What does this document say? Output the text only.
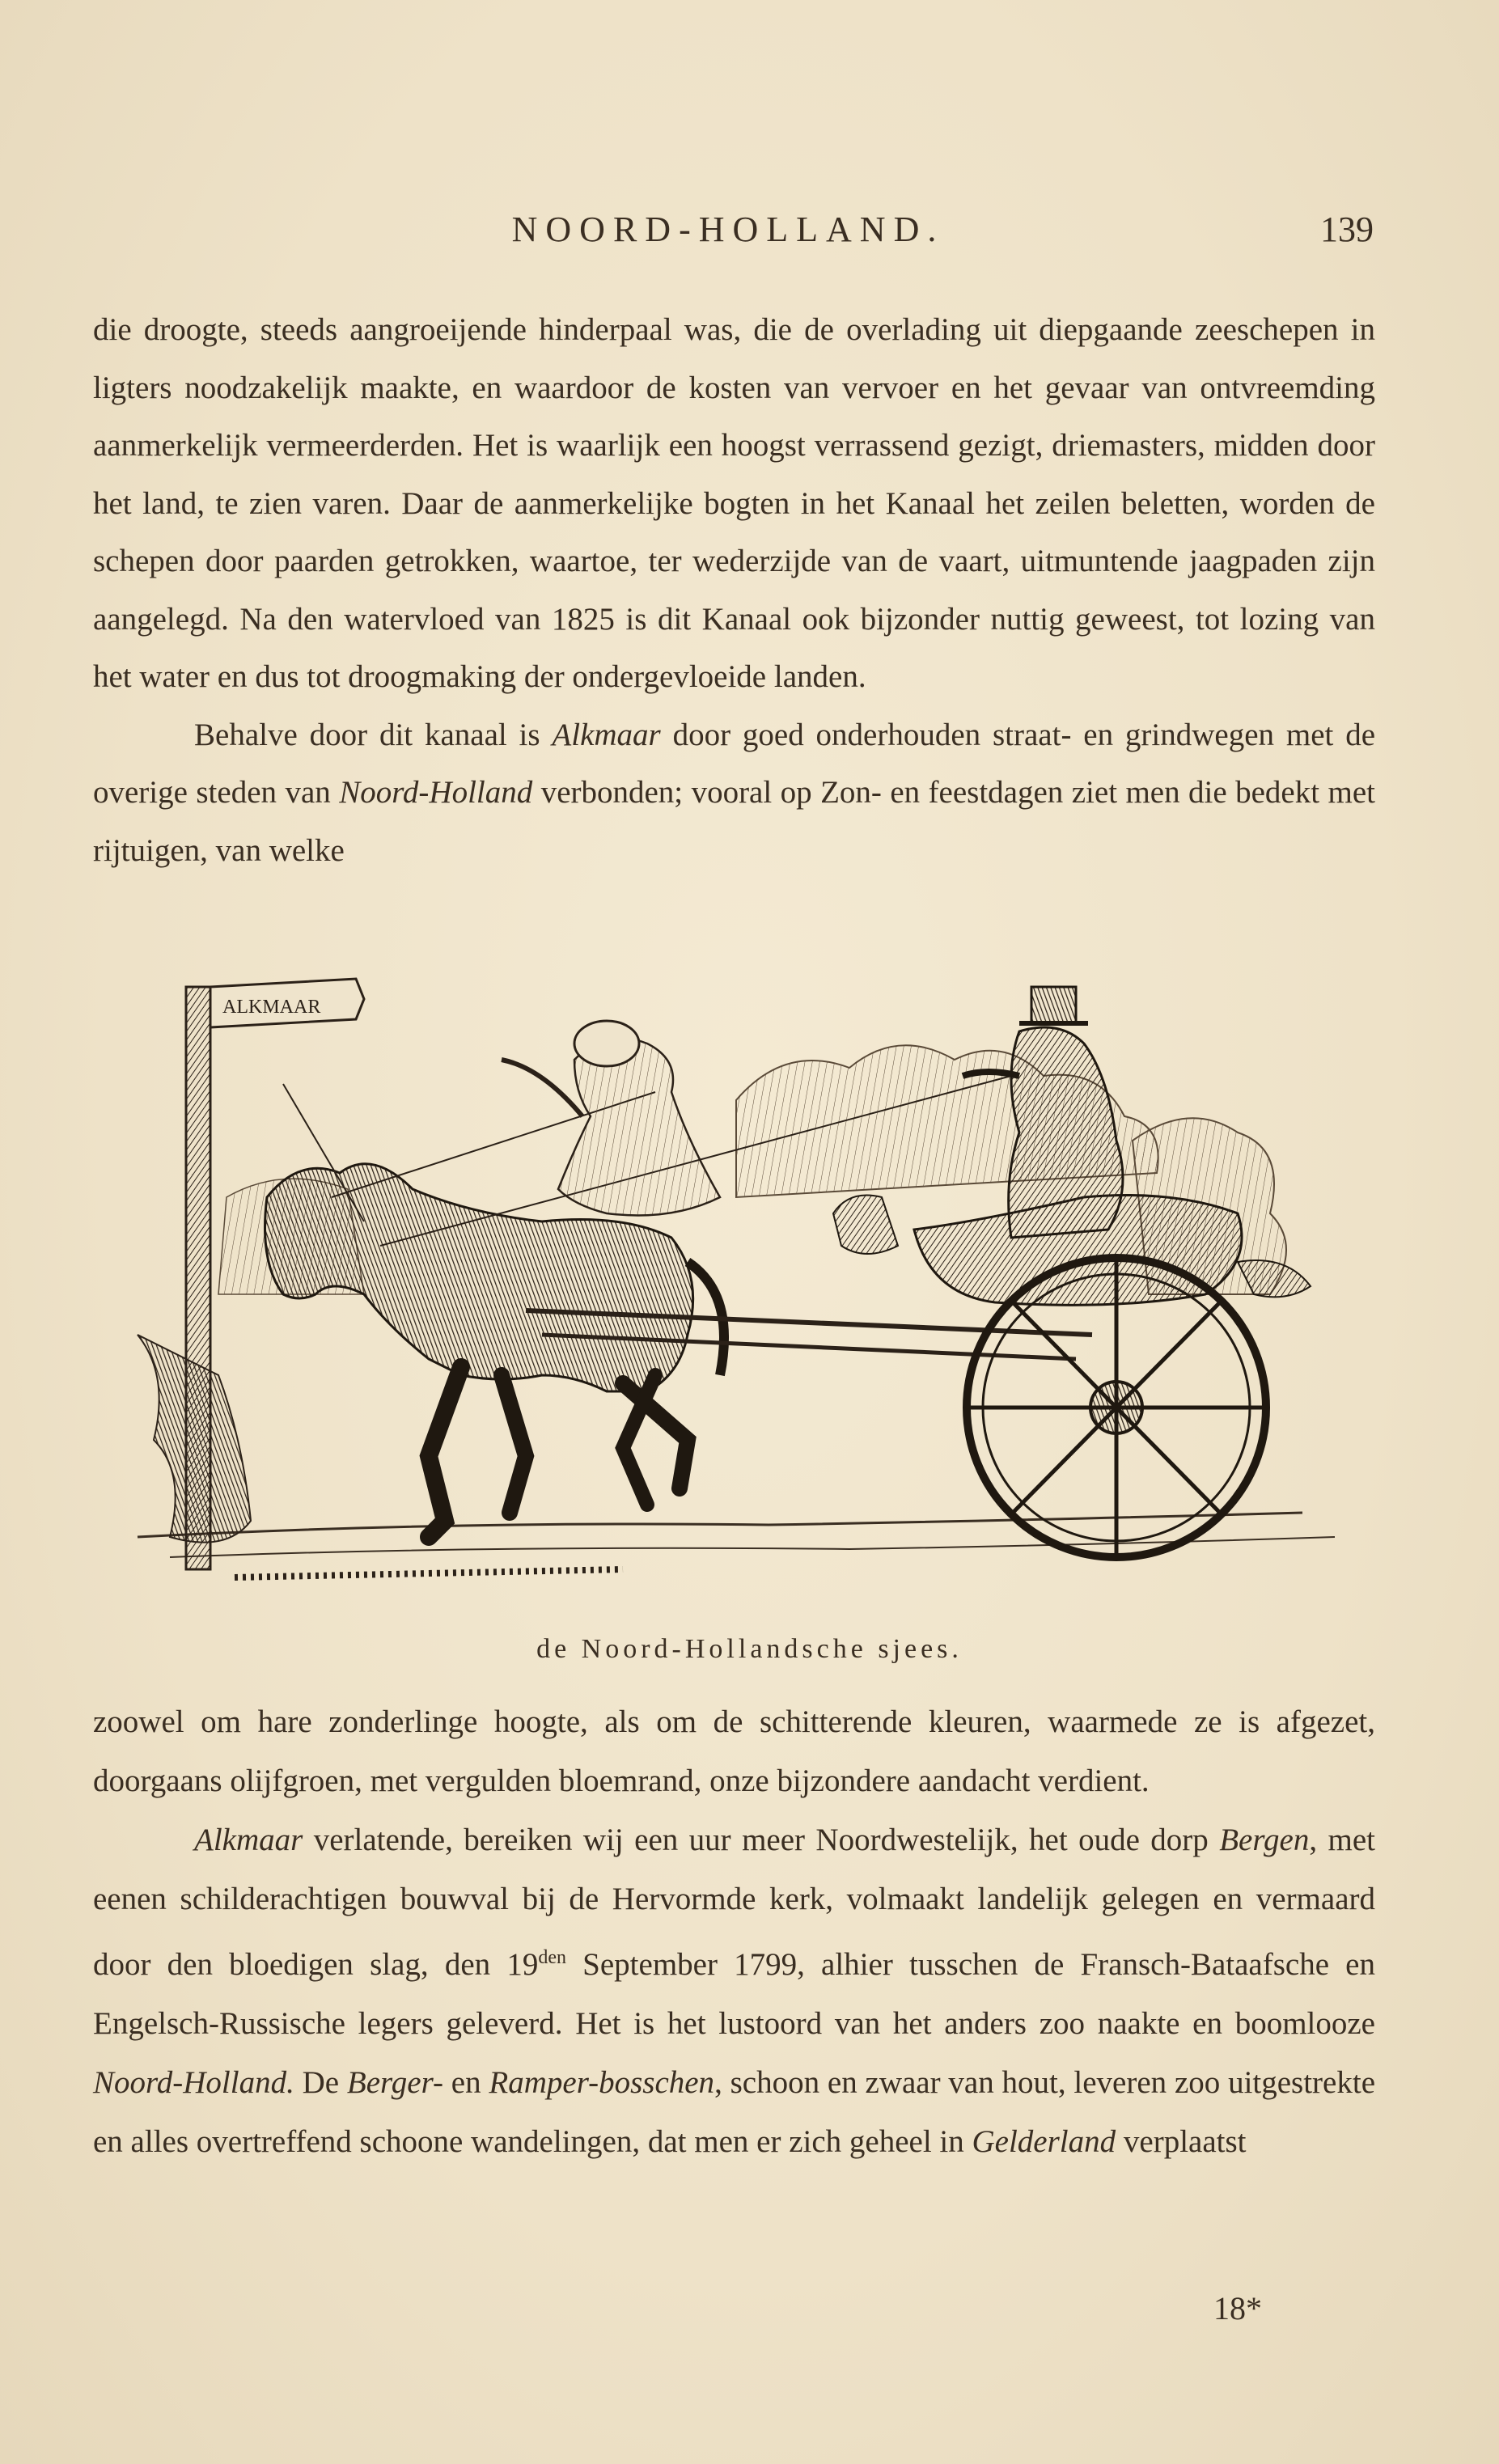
NOORD-HOLLAND.	139

die droogte, steeds aangroeijende hinderpaal was, die de overlading uit diepgaande zeeschepen in ligters noodzakelijk maakte, en waardoor de kosten van vervoer en het gevaar van ontvreemding aanmerkelijk vermeerderden. Het is waarlijk een hoogst verrassend gezigt, driemasters, midden door het land, te zien varen. Daar de aanmerkelijke bogten in het Kanaal het zeilen beletten, worden de schepen door paarden getrokken, waartoe, ter wederzijde van de vaart, uitmuntende jaagpaden zijn aangelegd. Na den watervloed van 1825 is dit Kanaal ook bijzonder nuttig geweest, tot lozing van het water en dus tot droogmaking der ondergevloeide landen.

Behalve door dit kanaal is Alkmaar door goed onderhouden straat- en grindwegen met de overige steden van Noord-Holland verbonden; vooral op Zon- en feestdagen ziet men die bedekt met rijtuigen, van welke

ALKMAAR
de Noord-Hollandsche sjees.

zoowel om hare zonderlinge hoogte, als om de schitterende kleuren, waarmede ze is afgezet, doorgaans olijfgroen, met vergulden bloemrand, onze bijzondere aandacht verdient.

Alkmaar verlatende, bereiken wij een uur meer Noordwestelijk, het oude dorp Bergen, met eenen schilderachtigen bouwval bij de Hervormde kerk, volmaakt landelijk gelegen en vermaard door den bloedigen slag, den $19^{den}$ September 1799, alhier tusschen de Fransch-Bataafsche en Engelsch-Russische legers geleverd. Het is het lustoord van het anders zoo naakte en boomlooze Noord-Holland. De Berger- en Ramper-bosschen, schoon en zwaar van hout, leveren zoo uitgestrekte en alles overtreffend schoone wandelingen, dat men er zich geheel in Gelderland verplaatst

18*
